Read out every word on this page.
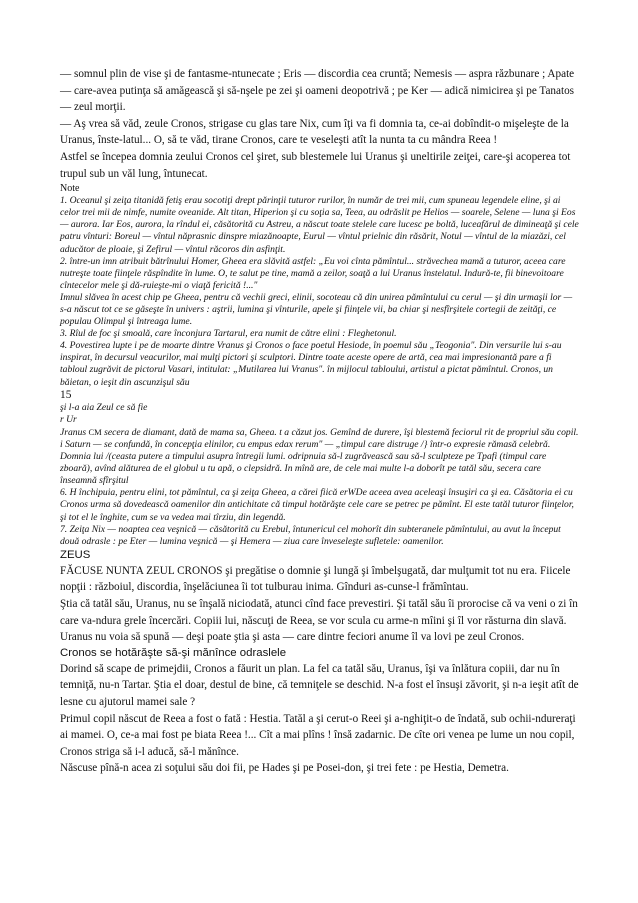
— somnul plin de vise şi de fantasme-ntunecate ; Eris — discordia cea cruntă; Nemesis — aspra răzbunare ; Apate — care-avea putinţa să amăgească şi să-nşele pe zei şi oameni deopotrivă ; pe Ker — adică nimicirea şi pe Tanatos — zeul morţii.

— Aş vrea să văd, zeule Cronos, strigase cu glas tare Nix, cum îţi va fi domnia ta, ce-ai dobîndit-o mişeleşte de la Uranus, înste-latul... O, să te văd, tirane Cronos, care te veseleşti atît la nunta ta cu mândra Reea !

Astfel se începea domnia zeului Cronos cel şiret, sub blestemele lui Uranus şi uneltirile zeiţei, care-şi acoperea tot trupul sub un văl lung, întunecat.

Note

1. Oceanul şi zeiţa titanidă fetiş erau socotiţi drept părinţii tuturor rurilor, în număr de trei mii, cum spuneau legendele eline, şi ai celor trei mii de nimfe, numite oveanide. Alt titan, Hiperion şi cu soţia sa, Teea, au odrăslit pe Helios — soarele, Selene — luna şi Eos — aurora. Iar Eos, aurora, la rîndul ei, căsătorită cu Astreu, a născut toate stelele care lucesc pe boltă, luceafărul de dimineaţă şi cele patru vînturi: Boreul — vîntul năprasnic dinspre miazănoapte, Eurul — vîntul prielnic din răsărit, Notul — vîntul de la miazăzi, cel aducător de ploaie, şi Zefirul — vîntul răcoros din asfinţit.

2. între-un imn atribuit bătrînului Homer, Gheea era slăvită astfel: „Eu voi cînta pămîntul... străvechea mamă a tuturor, aceea care nutreşte toate fiinţele răspîndite în lume. O, te salut pe tine, mamă a zeilor, soaţă a lui Uranus înstelatul. Indură-te, fii binevoitoare cîntecelor mele şi dă-ruieşte-mi o viaţă fericită !..."

Imnul slăvea în acest chip pe Gheea, pentru că vechii greci, elinii, socoteau că din unirea pămîntului cu cerul — şi din urmaşii lor — s-a născut tot ce se găseşte în univers : aştrii, lumina şi vînturile, apele şi fiinţele vii, ba chiar şi nesfîrşitele cortegii de zeităţi, ce populau Olimpul şi întreaga lume.

3. Rîul de foc şi smoală, care înconjura Tartarul, era numit de către elini : Fleghetonul.

4. Povestirea lupte i pe de moarte dintre Vranus şi Cronos o face poetul Hesiode, în poemul său „Teogonia". Din versurile lui s-au inspirat, în decursul veacurilor, mai mulţi pictori şi sculptori. Dintre toate aceste opere de artă, cea mai impresionantă pare a fi tabloul zugrăvit de pictorul Vasari, intitulat: „Mutilarea lui Vranus". în mijlocul tabloului, artistul a pictat pămîntul. Cronos, un băietan, o ieşit din ascunzişul său

15

şi l-a aia Zeul ce să fie

r Ur

Jranus CM secera de diamant, dată de mama sa, Gheea. t a căzut jos. Gemînd de durere, îşi blestemă feciorul rit de propriul său copil.

i Saturn — se confundă, în concepţia elinilor, cu empus edax rerum" — „timpul care distruge /} într-o expresie rămasă celebră. Domnia lui /(ceasta putere a timpului asupra întregii lumi. odripnuia să-l zugrăvească sau să-l sculpteze pe Tpafi (timpul care zboară), avînd alăturea de el globul u tu apă, o clepsidră. In mînă are, de cele mai multe l-a doborît pe tatăl său, secera care înseamnă sfîrşitul

6. H închipuia, pentru elini, tot pămîntul, ca şi zeiţa Gheea, a cărei fiică erWDe aceea avea aceleaşi însuşiri ca şi ea. Căsătoria ei cu Cronos urma să dovedească oamenilor din antichitate că timpul hotărăşte cele care se petrec pe pămînt. El este tatăl tuturor fiinţelor, şi tot el le înghite, cum se va vedea mai tîrziu, din legendă.

7. Zeiţa Nix — noaptea cea veşnică — căsătorită cu Erebul, întunericul cel mohorît din subteranele pămîntului, au avut la început două odrasle : pe Eter — lumina veşnică — şi Hemera — ziua care înveseleşte sufletele: oamenilor.

ZEUS

FĂCUSE NUNTA ZEUL CRONOS şi pregătise o domnie şi lungă şi îmbelşugată, dar mulţumit tot nu era. Fiicele nopţii : războiul, discordia, înşelăciunea îi tot tulburau inima. Gînduri as-cunse-l frămîntau.

Ştia că tatăl său, Uranus, nu se înşală niciodată, atunci cînd face prevestiri. Şi tatăl său îi prorocise că va veni o zi în care va-ndura grele încercări. Copiii lui, născuţi de Reea, se vor scula cu arme-n mîini şi îl vor răsturna din slavă.

Uranus nu voia să spună — deşi poate ştia şi asta — care dintre feciori anume îl va lovi pe zeul Cronos.

Cronos se hotărăşte să-şi mănînce odraslele

Dorind să scape de primejdii, Cronos a făurit un plan. La fel ca tatăl său, Uranus, îşi va înlătura copiii, dar nu în temniţă, nu-n Tartar. Ştia el doar, destul de bine, că temniţele se deschid. N-a fost el însuşi zăvorit, şi n-a ieşit atît de lesne cu ajutorul mamei sale ?

Primul copil născut de Reea a fost o fată : Hestia. Tatăl a şi cerut-o Reei şi a-nghiţit-o de îndată, sub ochii-ndureraţi ai mamei. O, ce-a mai fost pe biata Reea !... Cît a mai plîns ! însă zadarnic. De cîte ori venea pe lume un nou copil, Cronos striga să i-l aducă, să-l mănînce.

Născuse pînă-n acea zi soţului său doi fii, pe Hades şi pe Posei-don, şi trei fete : pe Hestia, Demetra.
